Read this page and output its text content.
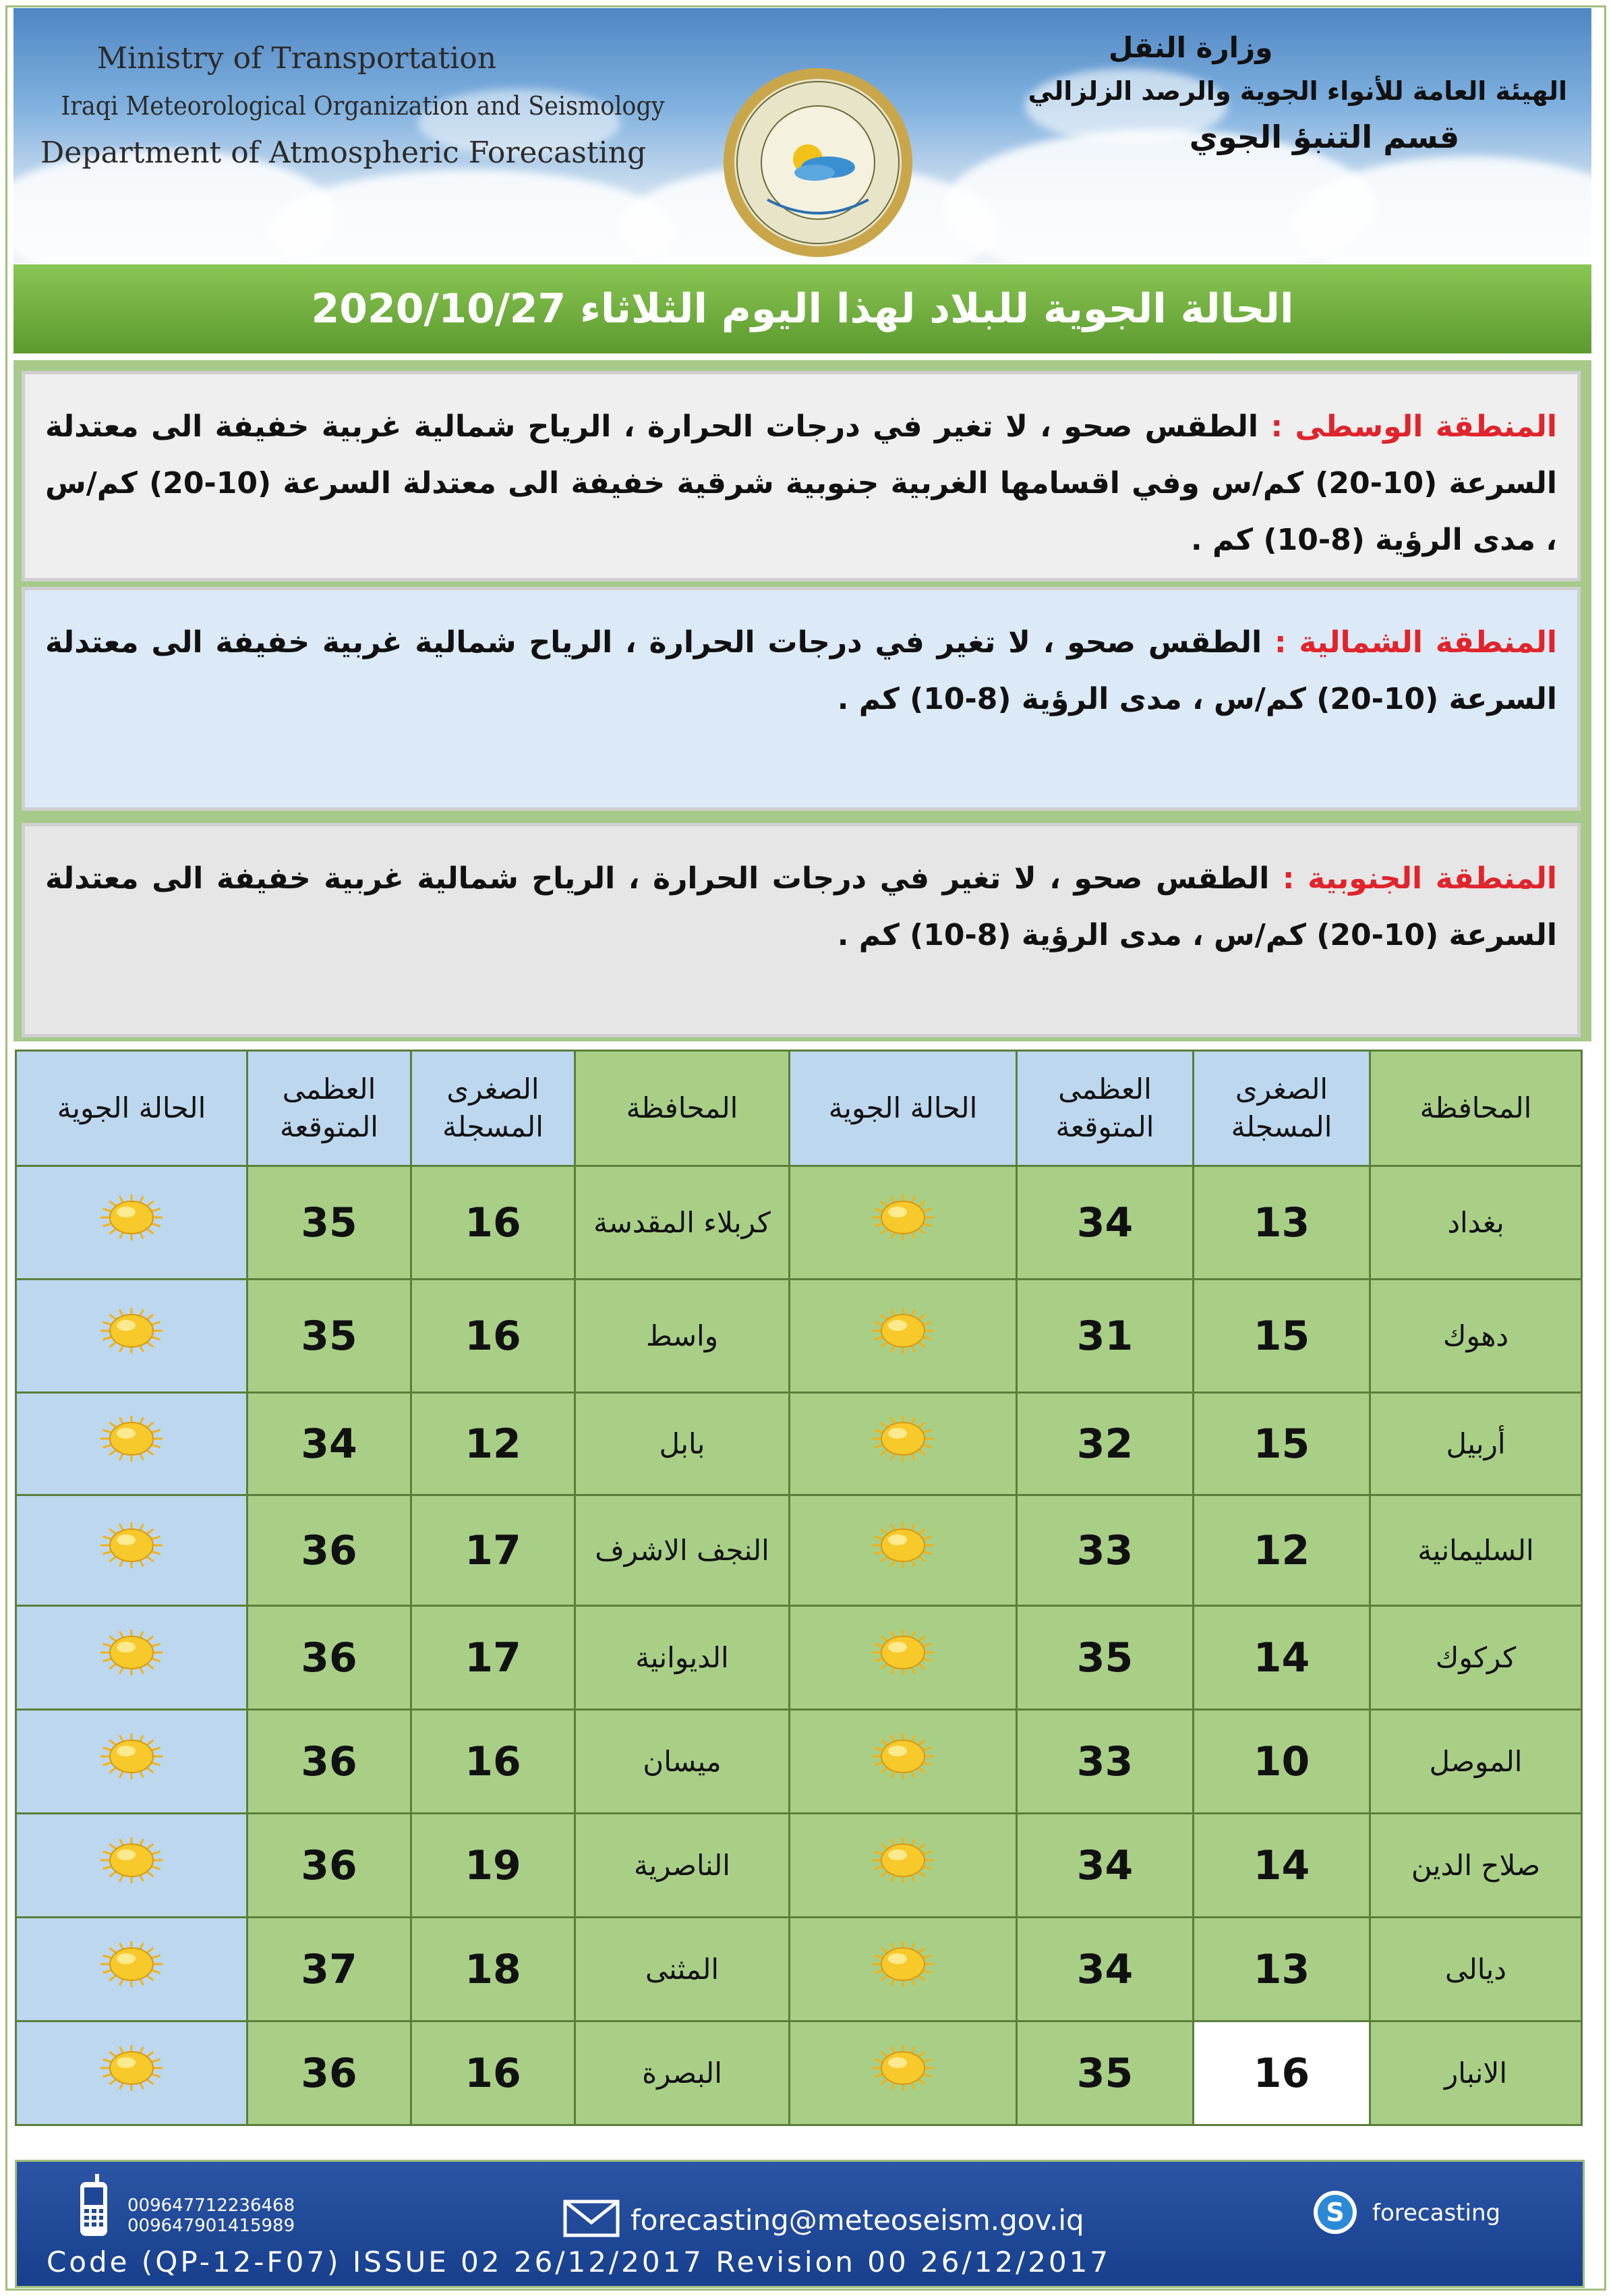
Ministry of Transportation
Iraqi Meteorological Organization and Seismology
Department of Atmospheric Forecasting
وزارة النقل
الهيئة العامة للأنواء الجوية والرصد الزلزالي
قسم التنبؤ الجوي
الحالة الجوية للبلاد لهذا اليوم الثلاثاء 2020/10/27
المنطقة الوسطى : الطقس صحو ، لا تغير في درجات الحرارة ، الرياح شمالية غربية خفيفة الى معتدلة السرعة (10-20) كم/س وفي اقسامها الغربية جنوبية شرقية خفيفة الى معتدلة السرعة (10-20) كم/س ، مدى الرؤية (8-10) كم .
المنطقة الشمالية : الطقس صحو ، لا تغير في درجات الحرارة ، الرياح شمالية غربية خفيفة الى معتدلة السرعة (10-20) كم/س ، مدى الرؤية (8-10) كم .
المنطقة الجنوبية : الطقس صحو ، لا تغير في درجات الحرارة ، الرياح شمالية غربية خفيفة الى معتدلة السرعة (10-20) كم/س ، مدى الرؤية (8-10) كم .
المحافظة	الصغرى المسجلة	العظمى المتوقعة	الحالة الجوية	المحافظة	الصغرى المسجلة	العظمى المتوقعة	الحالة الجوية
بغداد	13	34		كربلاء المقدسة	16	35	
دهوك	15	31		واسط	16	35	
أربيل	15	32		بابل	12	34	
السليمانية	12	33		النجف الاشرف	17	36	
كركوك	14	35		الديوانية	17	36	
الموصل	10	33		ميسان	16	36	
صلاح الدين	14	34		الناصرية	19	36	
ديالى	13	34		المثنى	18	37	
الانبار	16	35		البصرة	16	36	
009647712236468
009647901415989	forecasting@meteoseism.gov.iq	S forecasting
Code (QP-12-F07) ISSUE 02 26/12/2017 Revision 00 26/12/2017
